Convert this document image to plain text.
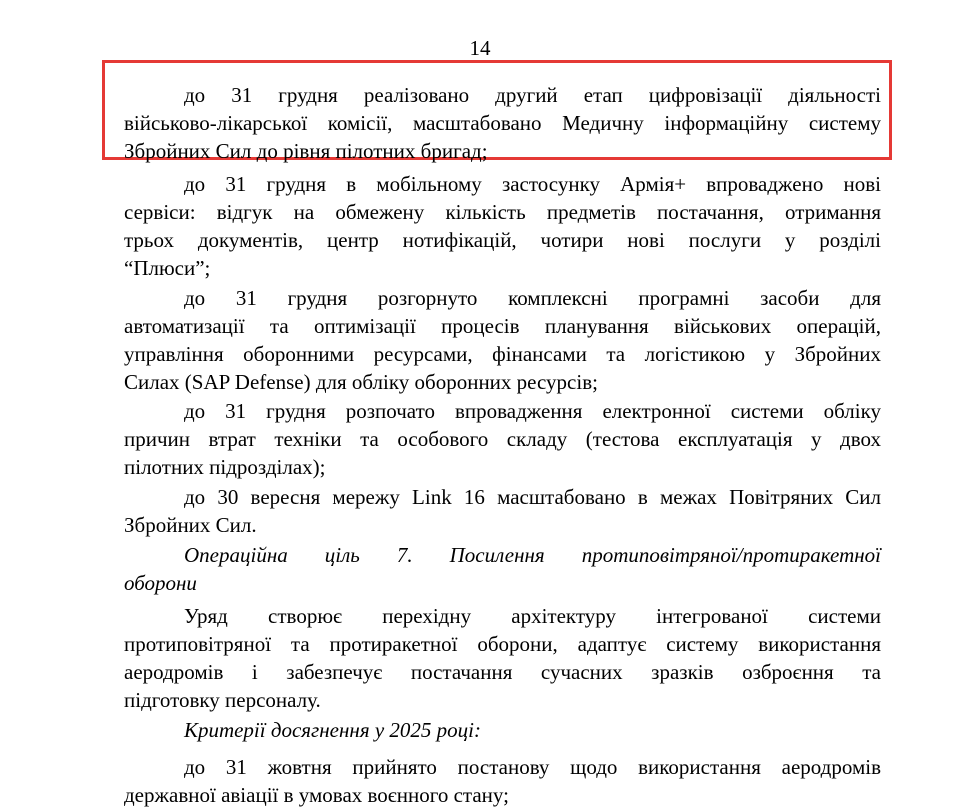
14
до 31 грудня реалізовано другий етап цифровізації діяльності
військово-лікарської комісії, масштабовано Медичну інформаційну систему
Збройних Сил до рівня пілотних бригад;
до 31 грудня в мобільному застосунку Армія+ впроваджено нові
сервіси: відгук на обмежену кількість предметів постачання, отримання
трьох документів, центр нотифікацій, чотири нові послуги у розділі
“Плюси”;
до 31 грудня розгорнуто комплексні програмні засоби для
автоматизації та оптимізації процесів планування військових операцій,
управління оборонними ресурсами, фінансами та логістикою у Збройних
Силах (SAP Defense) для обліку оборонних ресурсів;
до 31 грудня розпочато впровадження електронної системи обліку
причин втрат техніки та особового складу (тестова експлуатація у двох
пілотних підрозділах);
до 30 вересня мережу Link 16 масштабовано в межах Повітряних Сил
Збройних Сил.
Операційна ціль 7. Посилення протиповітряної/протиракетної
оборони
Уряд створює перехідну архітектуру інтегрованої системи
протиповітряної та протиракетної оборони, адаптує систему використання
аеродромів і забезпечує постачання сучасних зразків озброєння та
підготовку персоналу.
Критерії досягнення у 2025 році:
до 31 жовтня прийнято постанову щодо використання аеродромів
державної авіації в умовах воєнного стану;
